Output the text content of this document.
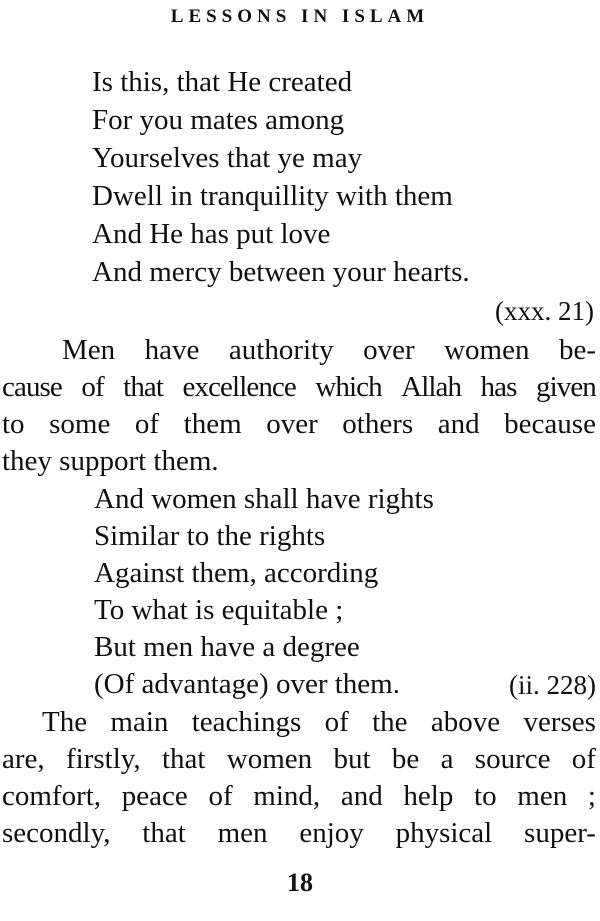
LESSONS IN ISLAM
Is this, that He created
For you mates among
Yourselves that ye may
Dwell in tranquillity with them
And He has put love
And mercy between your hearts.
(xxx. 21)
Men have authority over women be-
cause of that excellence which Allah has given
to some of them over others and because
they support them.
And women shall have rights
Similar to the rights
Against them, according
To what is equitable ;
But men have a degree
(Of advantage) over them.	(ii. 228)
The main teachings of the above verses
are, firstly, that women but be a source of
comfort, peace of mind, and help to men ;
secondly, that men enjoy physical super-
18
